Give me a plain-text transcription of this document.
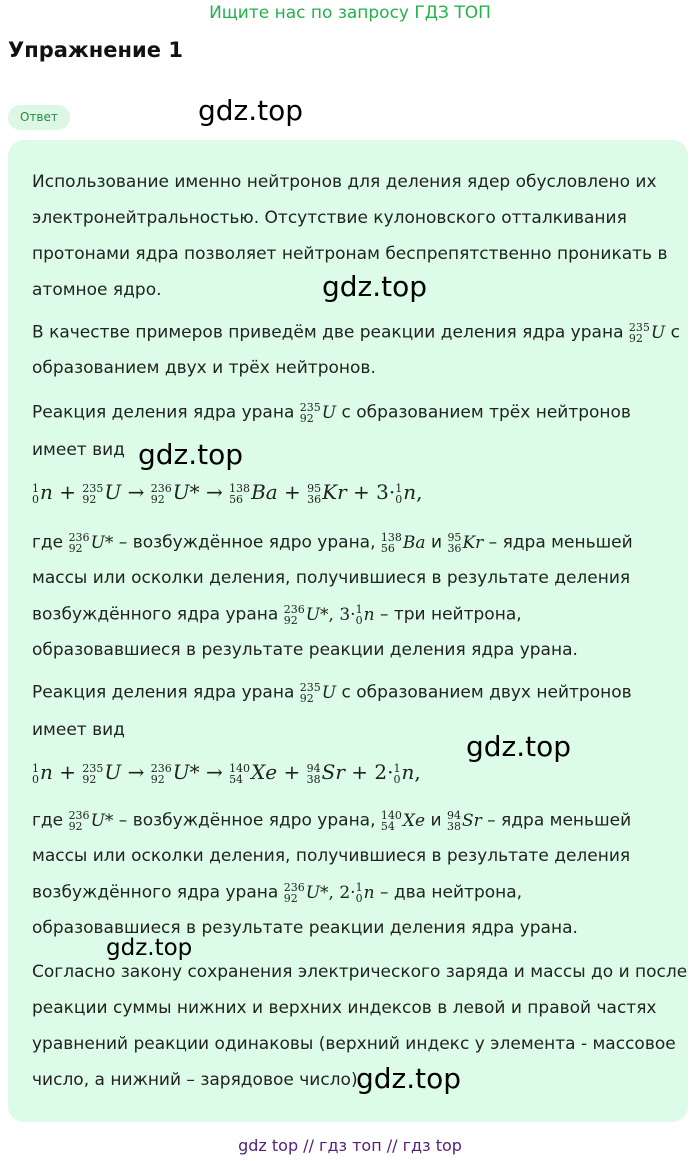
Ищите нас по запросу ГДЗ ТОП
Упражнение 1
Ответ	gdz.top
Использование именно нейтронов для деления ядер обусловлено их
электронейтральностью. Отсутствие кулоновского отталкивания
протонами ядра позволяет нейтронам беспрепятственно проникать в
атомное ядро.	gdz.top
В качестве примеров приведём две реакции деления ядра урана 235
92 U с
образованием двух и трёх нейтронов.
Реакция деления ядра урана 235
92 U с образованием трёх нейтронов
имеет вид gdz.top
1
0 n + 235
92 U → 236
92 U* → 138
56 Ba + 95
36 Kr + 3· 1
0 n,
где 236
92 U* – возбуждённое ядро урана, 138
56 Ba и 95
36 Kr – ядра меньшей
массы или осколки деления, получившиеся в результате деления
возбуждённого ядра урана 236
92 U*, 3· 1
0 n – три нейтрона,
образовавшиеся в результате реакции деления ядра урана.
Реакция деления ядра урана 235
92 U с образованием двух нейтронов
имеет вид	gdz.top
1
0 n + 235
92 U → 236
92 U* → 140
54 Xe + 94
38 Sr + 2· 1
0 n,
где 236
92 U* – возбуждённое ядро урана, 140
54 Xe и 94
38 Sr – ядра меньшей
массы или осколки деления, получившиеся в результате деления
возбуждённого ядра урана 236
92 U*, 2· 1
0 n – два нейтрона,
образовавшиеся в результате реакции деления ядра урана.
gdz.top
Согласно закону сохранения электрического заряда и массы до и после
реакции суммы нижних и верхних индексов в левой и правой частях
уравнений реакции одинаковы (верхний индекс у элемента - массовое
число, а нижний – зарядовое число).
gdz.top
gdz top // гдз топ // гдз top
